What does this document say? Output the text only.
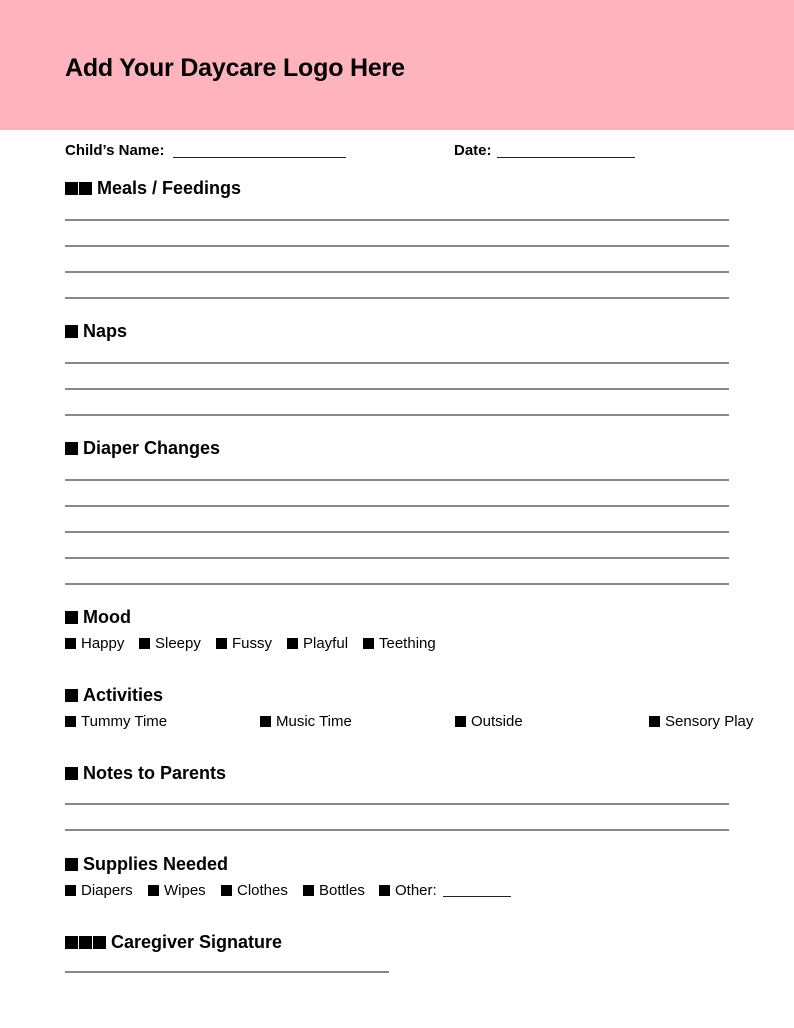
Add Your Daycare Logo Here
Child’s Name:	Date:
Meals / Feedings
Naps
Diaper Changes
Mood
Happy Sleepy Fussy Playful Teething
Activities
Tummy Time	Music Time	Outside	Sensory Play
Notes to Parents
Supplies Needed
Diapers Wipes Clothes Bottles Other:
Caregiver Signature
